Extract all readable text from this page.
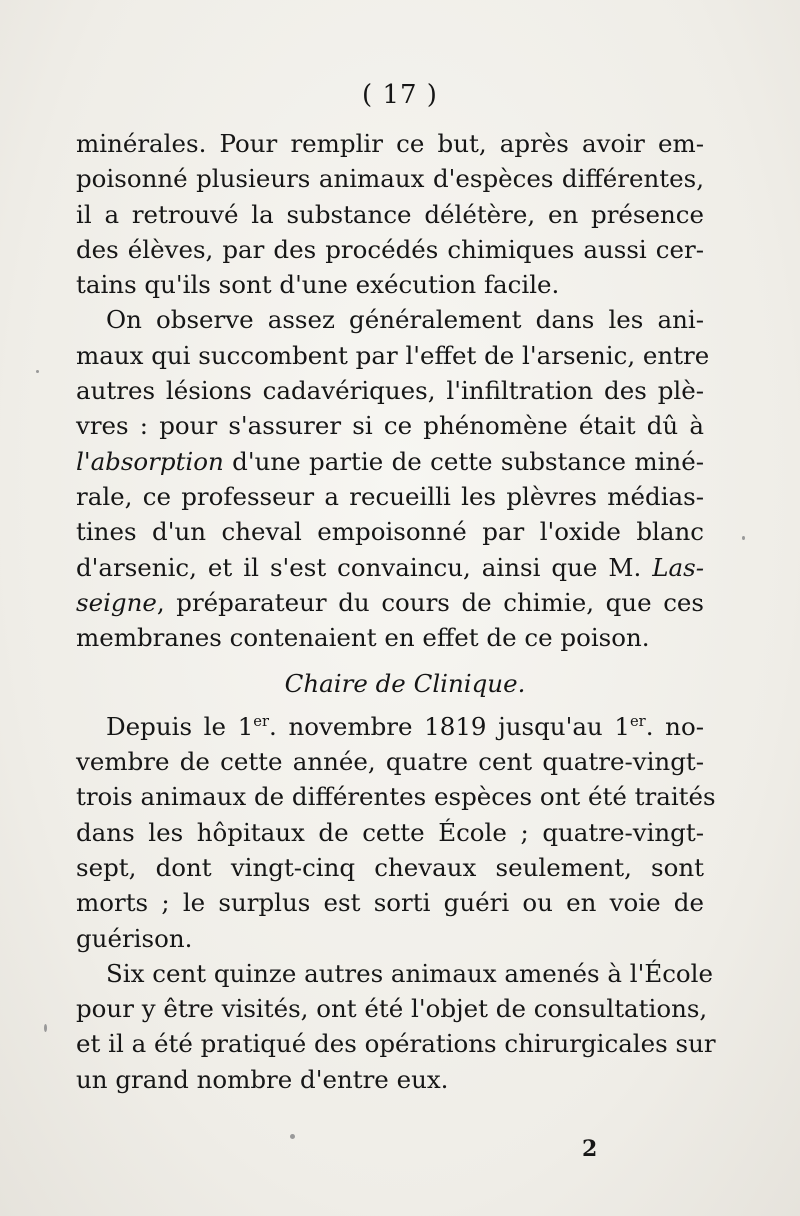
( 17 )
minérales. Pour remplir ce but, après avoir em-
poisonné plusieurs animaux d'espèces différentes,
il a retrouvé la substance délétère, en présence
des élèves, par des procédés chimiques aussi cer-
tains qu'ils sont d'une exécution facile.
On observe assez généralement dans les ani-
maux qui succombent par l'effet de l'arsenic, entre
autres lésions cadavériques, l'infiltration des plè-
vres : pour s'assurer si ce phénomène était dû à
l'absorption d'une partie de cette substance miné-
rale, ce professeur a recueilli les plèvres médias-
tines d'un cheval empoisonné par l'oxide blanc
d'arsenic, et il s'est convaincu, ainsi que M. Las-
seigne, préparateur du cours de chimie, que ces
membranes contenaient en effet de ce poison.
Chaire de Clinique.
Depuis le 1er. novembre 1819 jusqu'au 1er. no-
vembre de cette année, quatre cent quatre-vingt-
trois animaux de différentes espèces ont été traités
dans les hôpitaux de cette École ; quatre-vingt-
sept, dont vingt-cinq chevaux seulement, sont
morts ; le surplus est sorti guéri ou en voie de
guérison.
Six cent quinze autres animaux amenés à l'École
pour y être visités, ont été l'objet de consultations,
et il a été pratiqué des opérations chirurgicales sur
un grand nombre d'entre eux.
2
